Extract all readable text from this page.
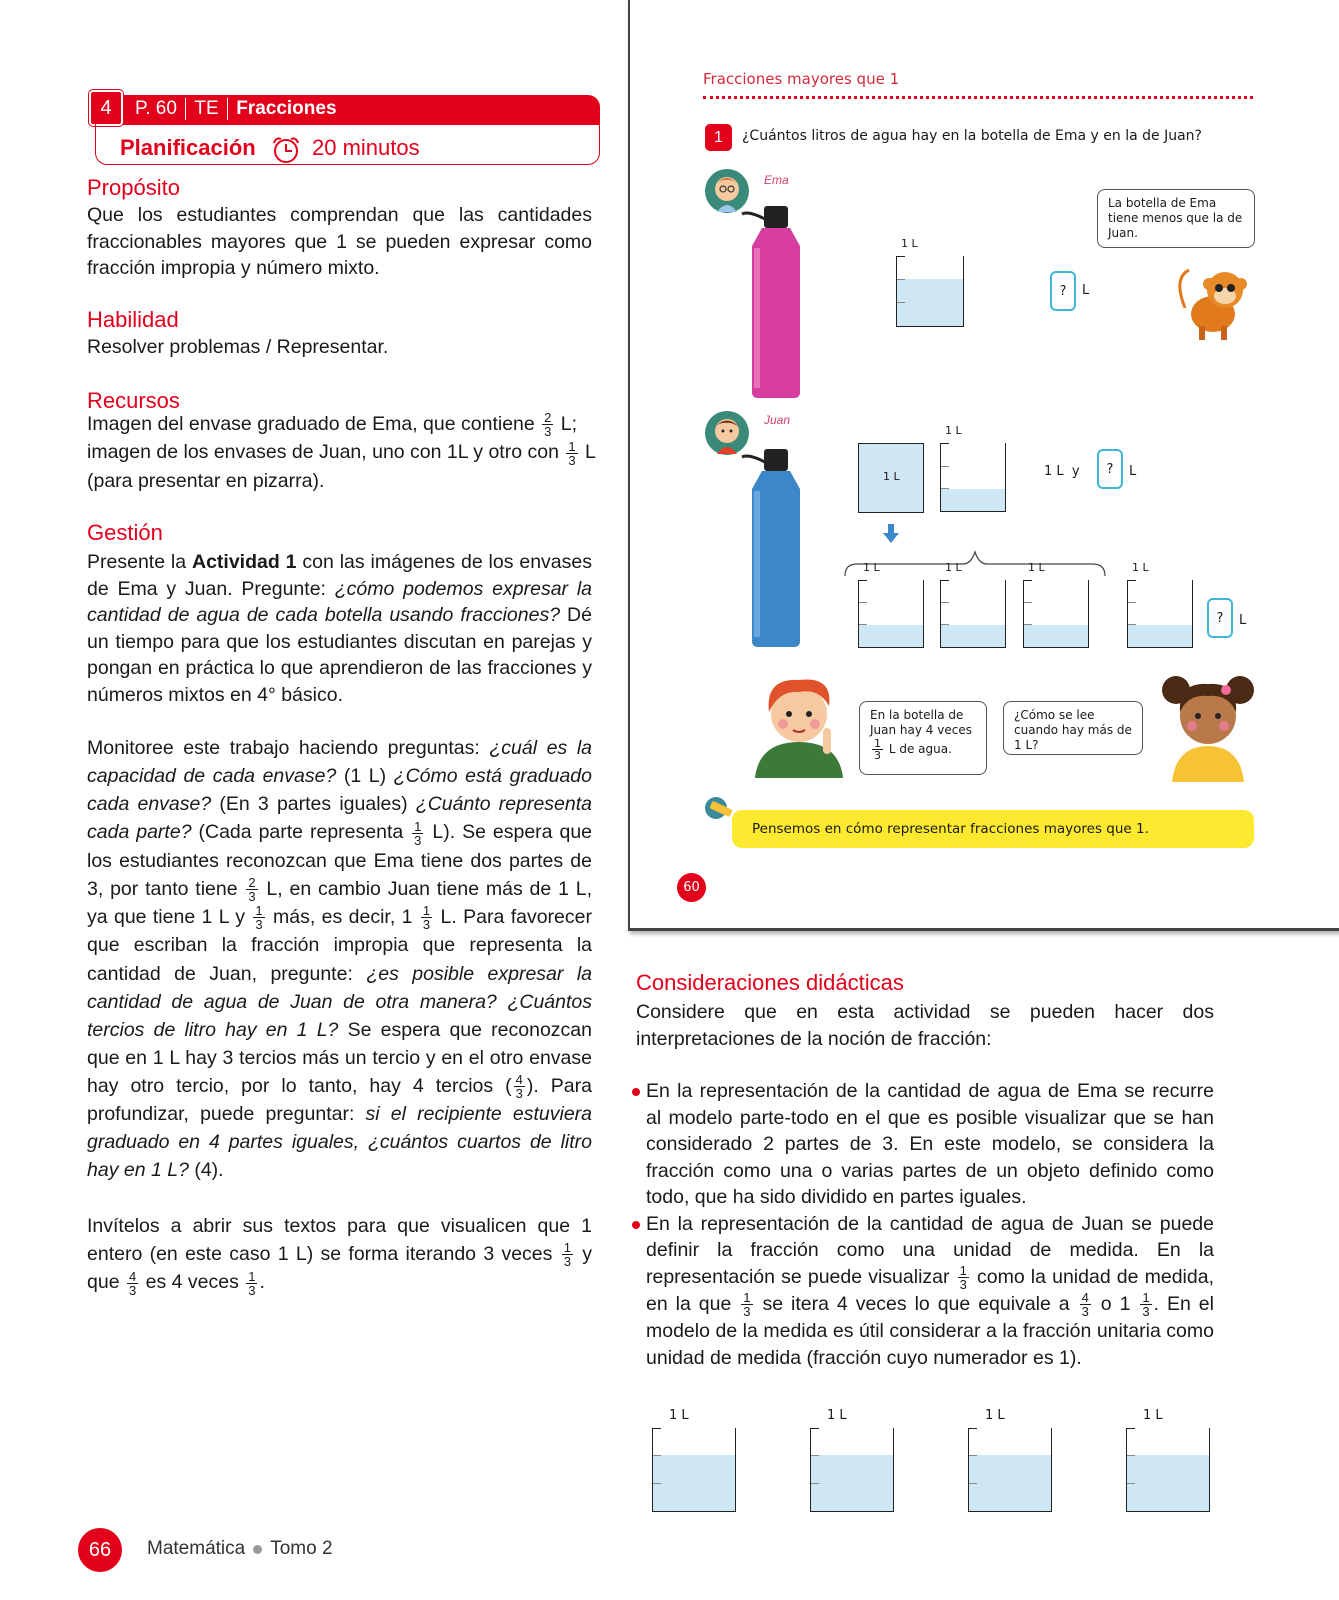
4	P. 60 TE Fracciones
Planificación	20 minutos
Propósito
Que los estudiantes comprendan que las cantidades fraccionables mayores que 1 se pueden expresar como fracción impropia y número mixto.
Habilidad
Resolver problemas / Representar.
Recursos
Imagen del envase graduado de Ema, que contiene $\frac{2}{3} L$;
imagen de los envases de Juan, uno con 1L y otro con $\frac{1}{3}$ L
(para presentar en pizarra).
Gestión
Presente la Actividad 1 con las imágenes de los envases de Ema y Juan. Pregunte: ¿cómo podemos expresar la cantidad de agua de cada botella usando fracciones? Dé un tiempo para que los estudiantes discutan en parejas y pongan en práctica lo que aprendieron de las fracciones y números mixtos en 4° básico.
Monitoree este trabajo haciendo preguntas: ¿cuál es la capacidad de cada envase? (1 L) ¿Cómo está graduado cada envase? (En 3 partes iguales) ¿Cuánto representa cada parte? (Cada parte representa $\frac{1}{3} L$). Se espera que los estudiantes reconozcan que Ema tiene dos partes de 3, por tanto tiene $\frac{2}{3} L$, en cambio Juan tiene más de 1 L, ya que tiene 1 L y $\frac{1}{3}$ más, es decir, $1 \frac{1}{3} L$. Para favorecer que escriban la fracción impropia que representa la cantidad de Juan, pregunte: ¿es posible expresar la cantidad de agua de Juan de otra manera? ¿Cuántos tercios de litro hay en 1 L? Se espera que reconozcan que en 1 L hay 3 tercios más un tercio y en el otro envase hay otro tercio, por lo tanto, hay 4 tercios ( $\frac{4}{3}$ ). Para profundizar, puede preguntar: si el recipiente estuviera graduado en 4 partes iguales, ¿cuántos cuartos de litro hay en 1 L? (4).
Invítelos a abrir sus textos para que visualicen que 1 entero (en este caso 1 L) se forma iterando 3 veces $\frac{1}{3}$ y que $\frac{4}{3}$ es 4 veces $\frac{1}{3}$ .
Fracciones mayores que 1
1	¿Cuántos litros de agua hay en la botella de Ema y en la de Juan?
Ema
1 L
?	L
La botella de Ema tiene menos que la de Juan.
Juan
1 L
1 L
1 L  y	?	L
1 L	1 L	1 L	1 L
?	L
En la botella de Juan hay 4 veces

$\frac{1}{3}$ L de agua.
¿Cómo se lee cuando hay más de 1 L?
Pensemos en cómo representar fracciones mayores que 1.
60
Consideraciones didácticas
Considere que en esta actividad se pueden hacer dos interpretaciones de la noción de fracción:
En la representación de la cantidad de agua de Ema se recurre al modelo parte-todo en el que es posible visualizar que se han considerado 2 partes de 3. En este modelo, se considera la fracción como una o varias partes de un objeto definido como todo, que ha sido dividido en partes iguales.
En la representación de la cantidad de agua de Juan se puede definir la fracción como una unidad de medida. En la representación se puede visualizar $\frac{1}{3}$ como la unidad de medida, en la que $\frac{1}{3}$ se itera 4 veces lo que equivale a $\frac{4}{3}$ o $1 \frac{1}{3}$ . En el modelo de la medida es útil considerar a la fracción unitaria como unidad de medida (fracción cuyo numerador es 1).
1 L	1 L	1 L	1 L
66	Matemática Tomo 2
